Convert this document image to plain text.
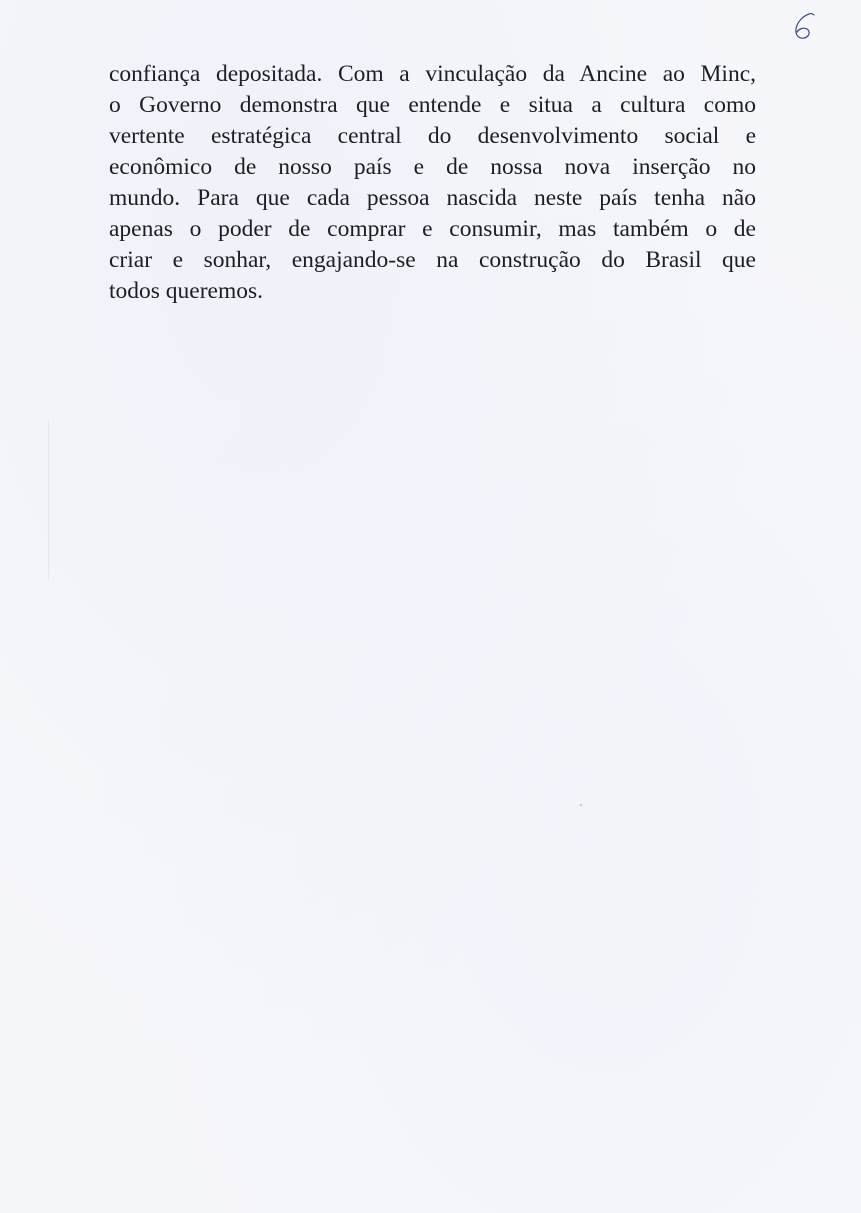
confiança depositada. Com a vinculação da Ancine ao Minc,
o Governo demonstra que entende e situa a cultura como
vertente estratégica central do desenvolvimento social e
econômico de nosso país e de nossa nova inserção no
mundo. Para que cada pessoa nascida neste país tenha não
apenas o poder de comprar e consumir, mas também o de
criar e sonhar, engajando-se na construção do Brasil que
todos queremos.
